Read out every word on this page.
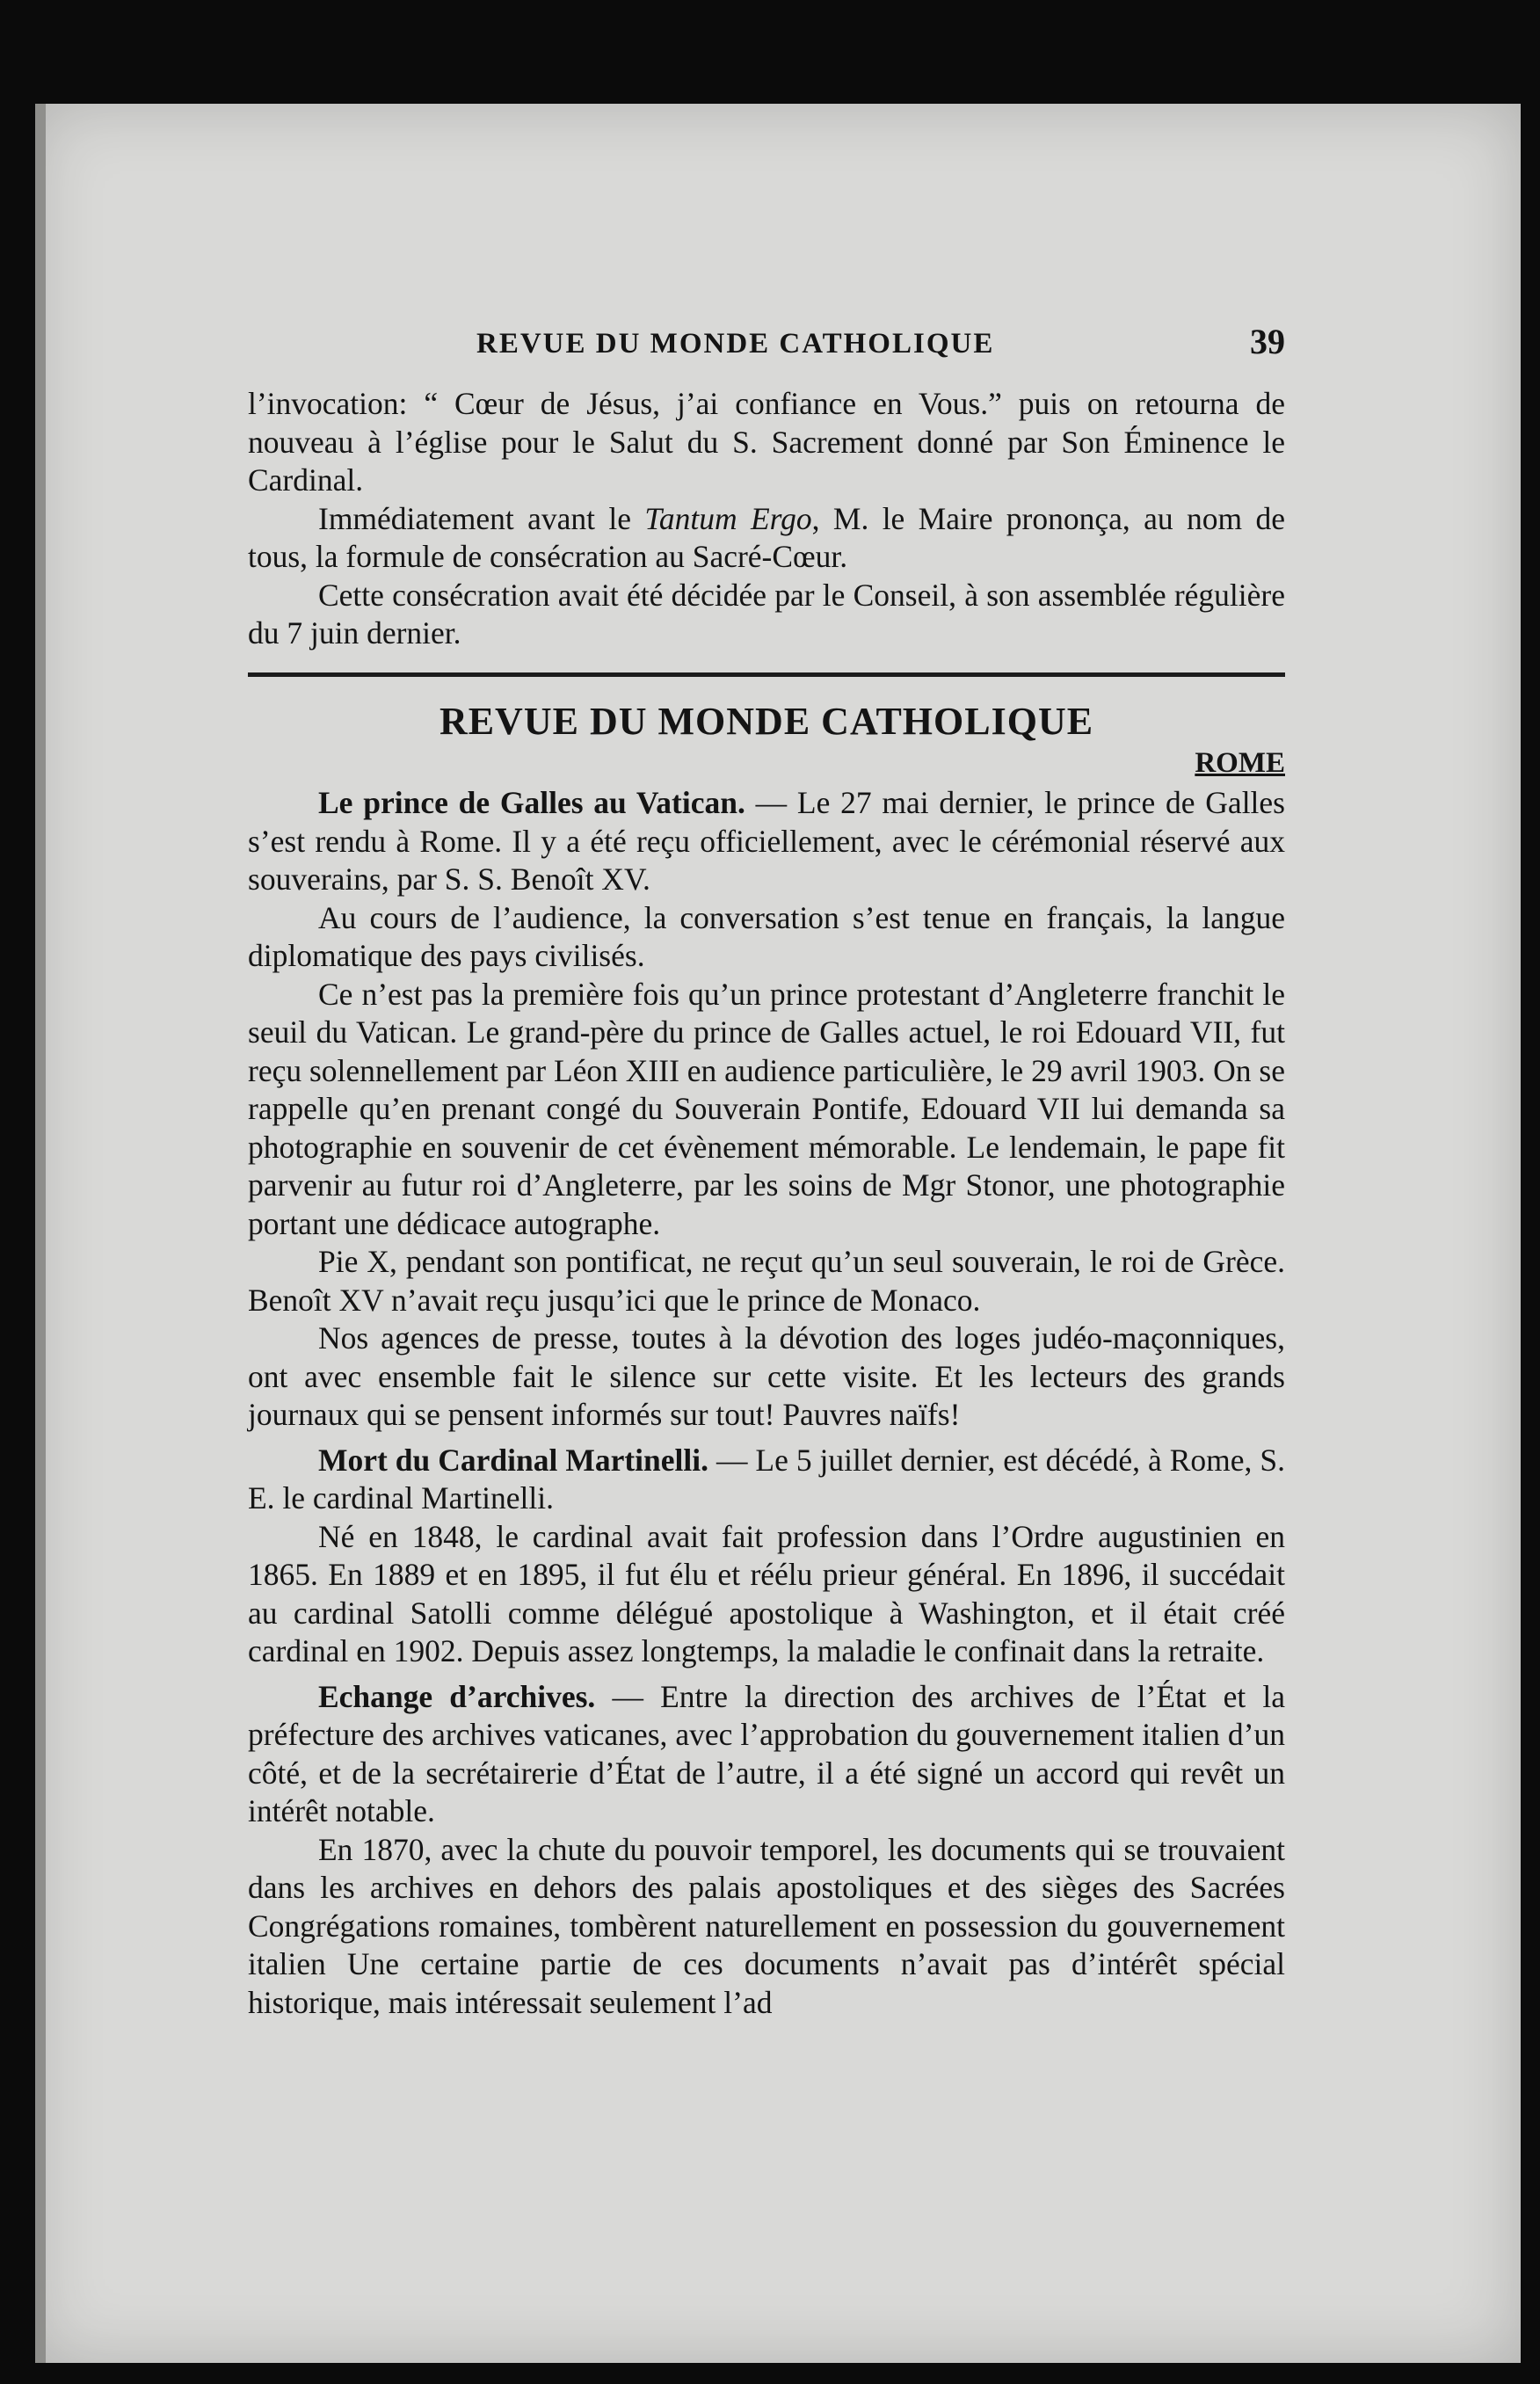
REVUE DU MONDE CATHOLIQUE	39

l’invocation: “ Cœur de Jésus, j’ai confiance en Vous.” puis on retourna de nouveau à l’église pour le Salut du S. Sacrement donné par Son Éminence le Cardinal.

Immédiatement avant le Tantum Ergo, M. le Maire prononça, au nom de tous, la formule de consécration au Sacré-Cœur.

Cette consécration avait été décidée par le Conseil, à son assemblée régulière du 7 juin dernier.

REVUE DU MONDE CATHOLIQUE
ROME

Le prince de Galles au Vatican. — Le 27 mai dernier, le prince de Galles s’est rendu à Rome. Il y a été reçu officiellement, avec le cérémonial réservé aux souverains, par S. S. Benoît XV.

Au cours de l’audience, la conversation s’est tenue en français, la langue diplomatique des pays civilisés.

Ce n’est pas la première fois qu’un prince protestant d’Angleterre franchit le seuil du Vatican. Le grand-père du prince de Galles actuel, le roi Edouard VII, fut reçu solennellement par Léon XIII en audience particulière, le 29 avril 1903. On se rappelle qu’en prenant congé du Souverain Pontife, Edouard VII lui demanda sa photographie en souvenir de cet évènement mémorable. Le lendemain, le pape fit parvenir au futur roi d’Angleterre, par les soins de Mgr Stonor, une photographie portant une dédicace autographe.

Pie X, pendant son pontificat, ne reçut qu’un seul souverain, le roi de Grèce. Benoît XV n’avait reçu jusqu’ici que le prince de Monaco.

Nos agences de presse, toutes à la dévotion des loges judéo-maçonniques, ont avec ensemble fait le silence sur cette visite. Et les lecteurs des grands journaux qui se pensent informés sur tout! Pauvres naïfs!

Mort du Cardinal Martinelli. — Le 5 juillet dernier, est décédé, à Rome, S. E. le cardinal Martinelli.

Né en 1848, le cardinal avait fait profession dans l’Ordre augustinien en 1865. En 1889 et en 1895, il fut élu et réélu prieur général. En 1896, il succédait au cardinal Satolli comme délégué apostolique à Washington, et il était créé cardinal en 1902. Depuis assez longtemps, la maladie le confinait dans la retraite.

Echange d’archives. — Entre la direction des archives de l’État et la préfecture des archives vaticanes, avec l’approbation du gouvernement italien d’un côté, et de la secrétairerie d’État de l’autre, il a été signé un accord qui revêt un intérêt notable.

En 1870, avec la chute du pouvoir temporel, les documents qui se trouvaient dans les archives en dehors des palais apostoliques et des sièges des Sacrées Congrégations romaines, tombèrent naturellement en possession du gouvernement italien Une certaine partie de ces documents n’avait pas d’intérêt spécial historique, mais intéressait seulement l’ad
